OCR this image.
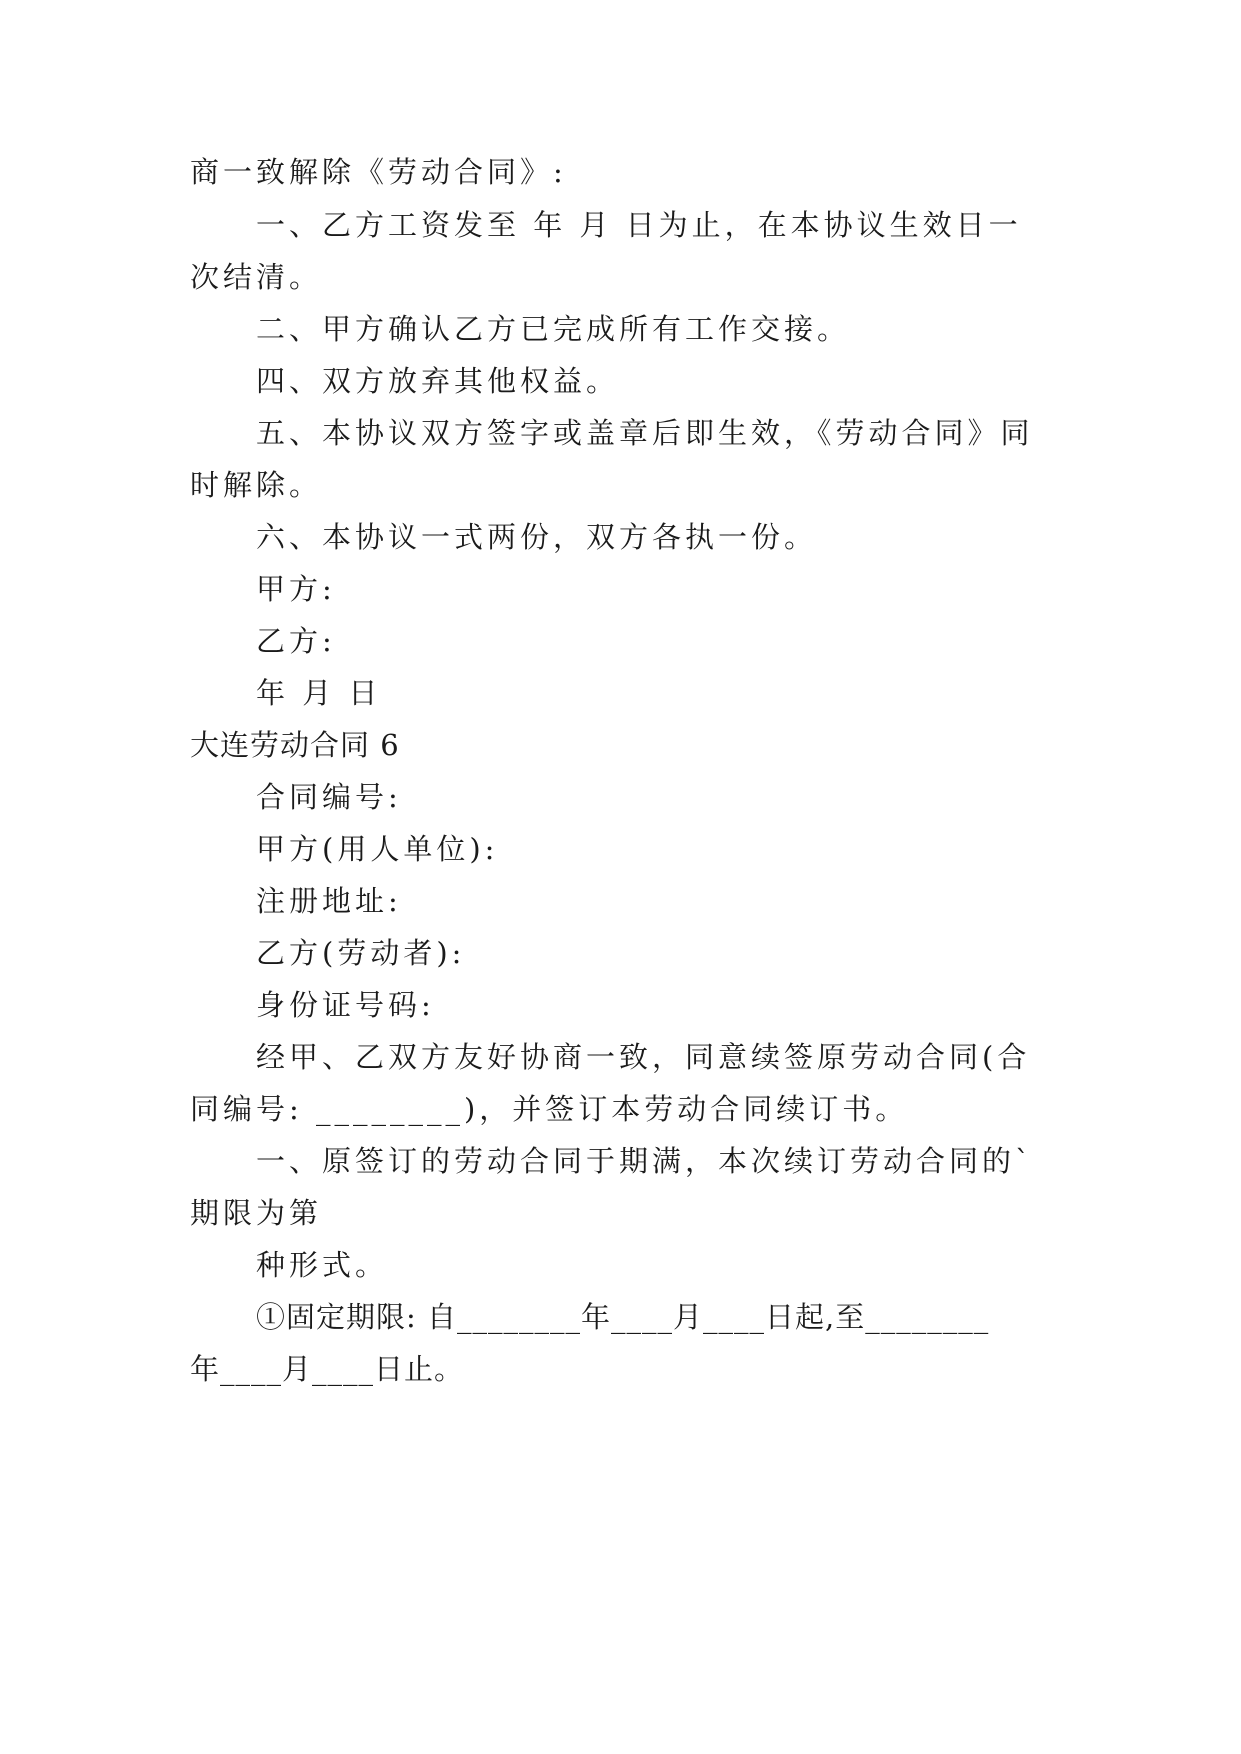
商一致解除《劳动合同》:
一、乙方工资发至 年 月 日为止，在本协议生效日一
次结清。
二、甲方确认乙方已完成所有工作交接。
四、双方放弃其他权益。
五、本协议双方签字或盖章后即生效，《劳动合同》同
时解除。
六、本协议一式两份，双方各执一份。
甲方:
乙方:
年 月 日
大连劳动合同 6
合同编号:
甲方(用人单位):
注册地址:
乙方(劳动者):
身份证号码:
经甲、乙双方友好协商一致，同意续签原劳动合同(合
同编号: ________)，并签订本劳动合同续订书。
一、原签订的劳动合同于期满，本次续订劳动合同的`
期限为第
种形式。
①固定期限: 自________年____月____日起,至________
年____月____日止。
